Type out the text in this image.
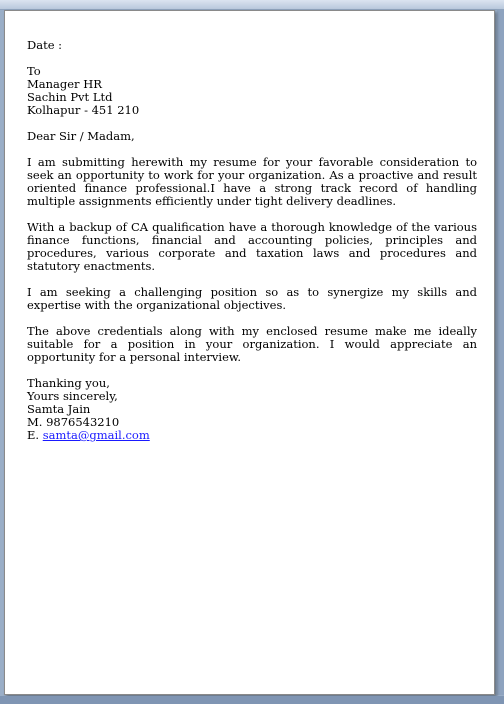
Date :
To
Manager HR
Sachin Pvt Ltd
Kolhapur - 451 210
Dear Sir / Madam,

I am submitting herewith my resume for your favorable consideration to seek an opportunity to work for your organization. As a proactive and result oriented finance professional.I have a strong track record of handling multiple assignments efficiently under tight delivery deadlines.

With a backup of CA qualification have a thorough knowledge of the various finance functions, financial and accounting policies, principles and procedures, various corporate and taxation laws and procedures and statutory enactments.

I am seeking a challenging position so as to synergize my skills and expertise with the organizational objectives.

The above credentials along with my enclosed resume make me ideally suitable for a position in your organization. I would appreciate an opportunity for a personal interview.

Thanking you,
Yours sincerely,
Samta Jain
M. 9876543210
E. samta@gmail.com
